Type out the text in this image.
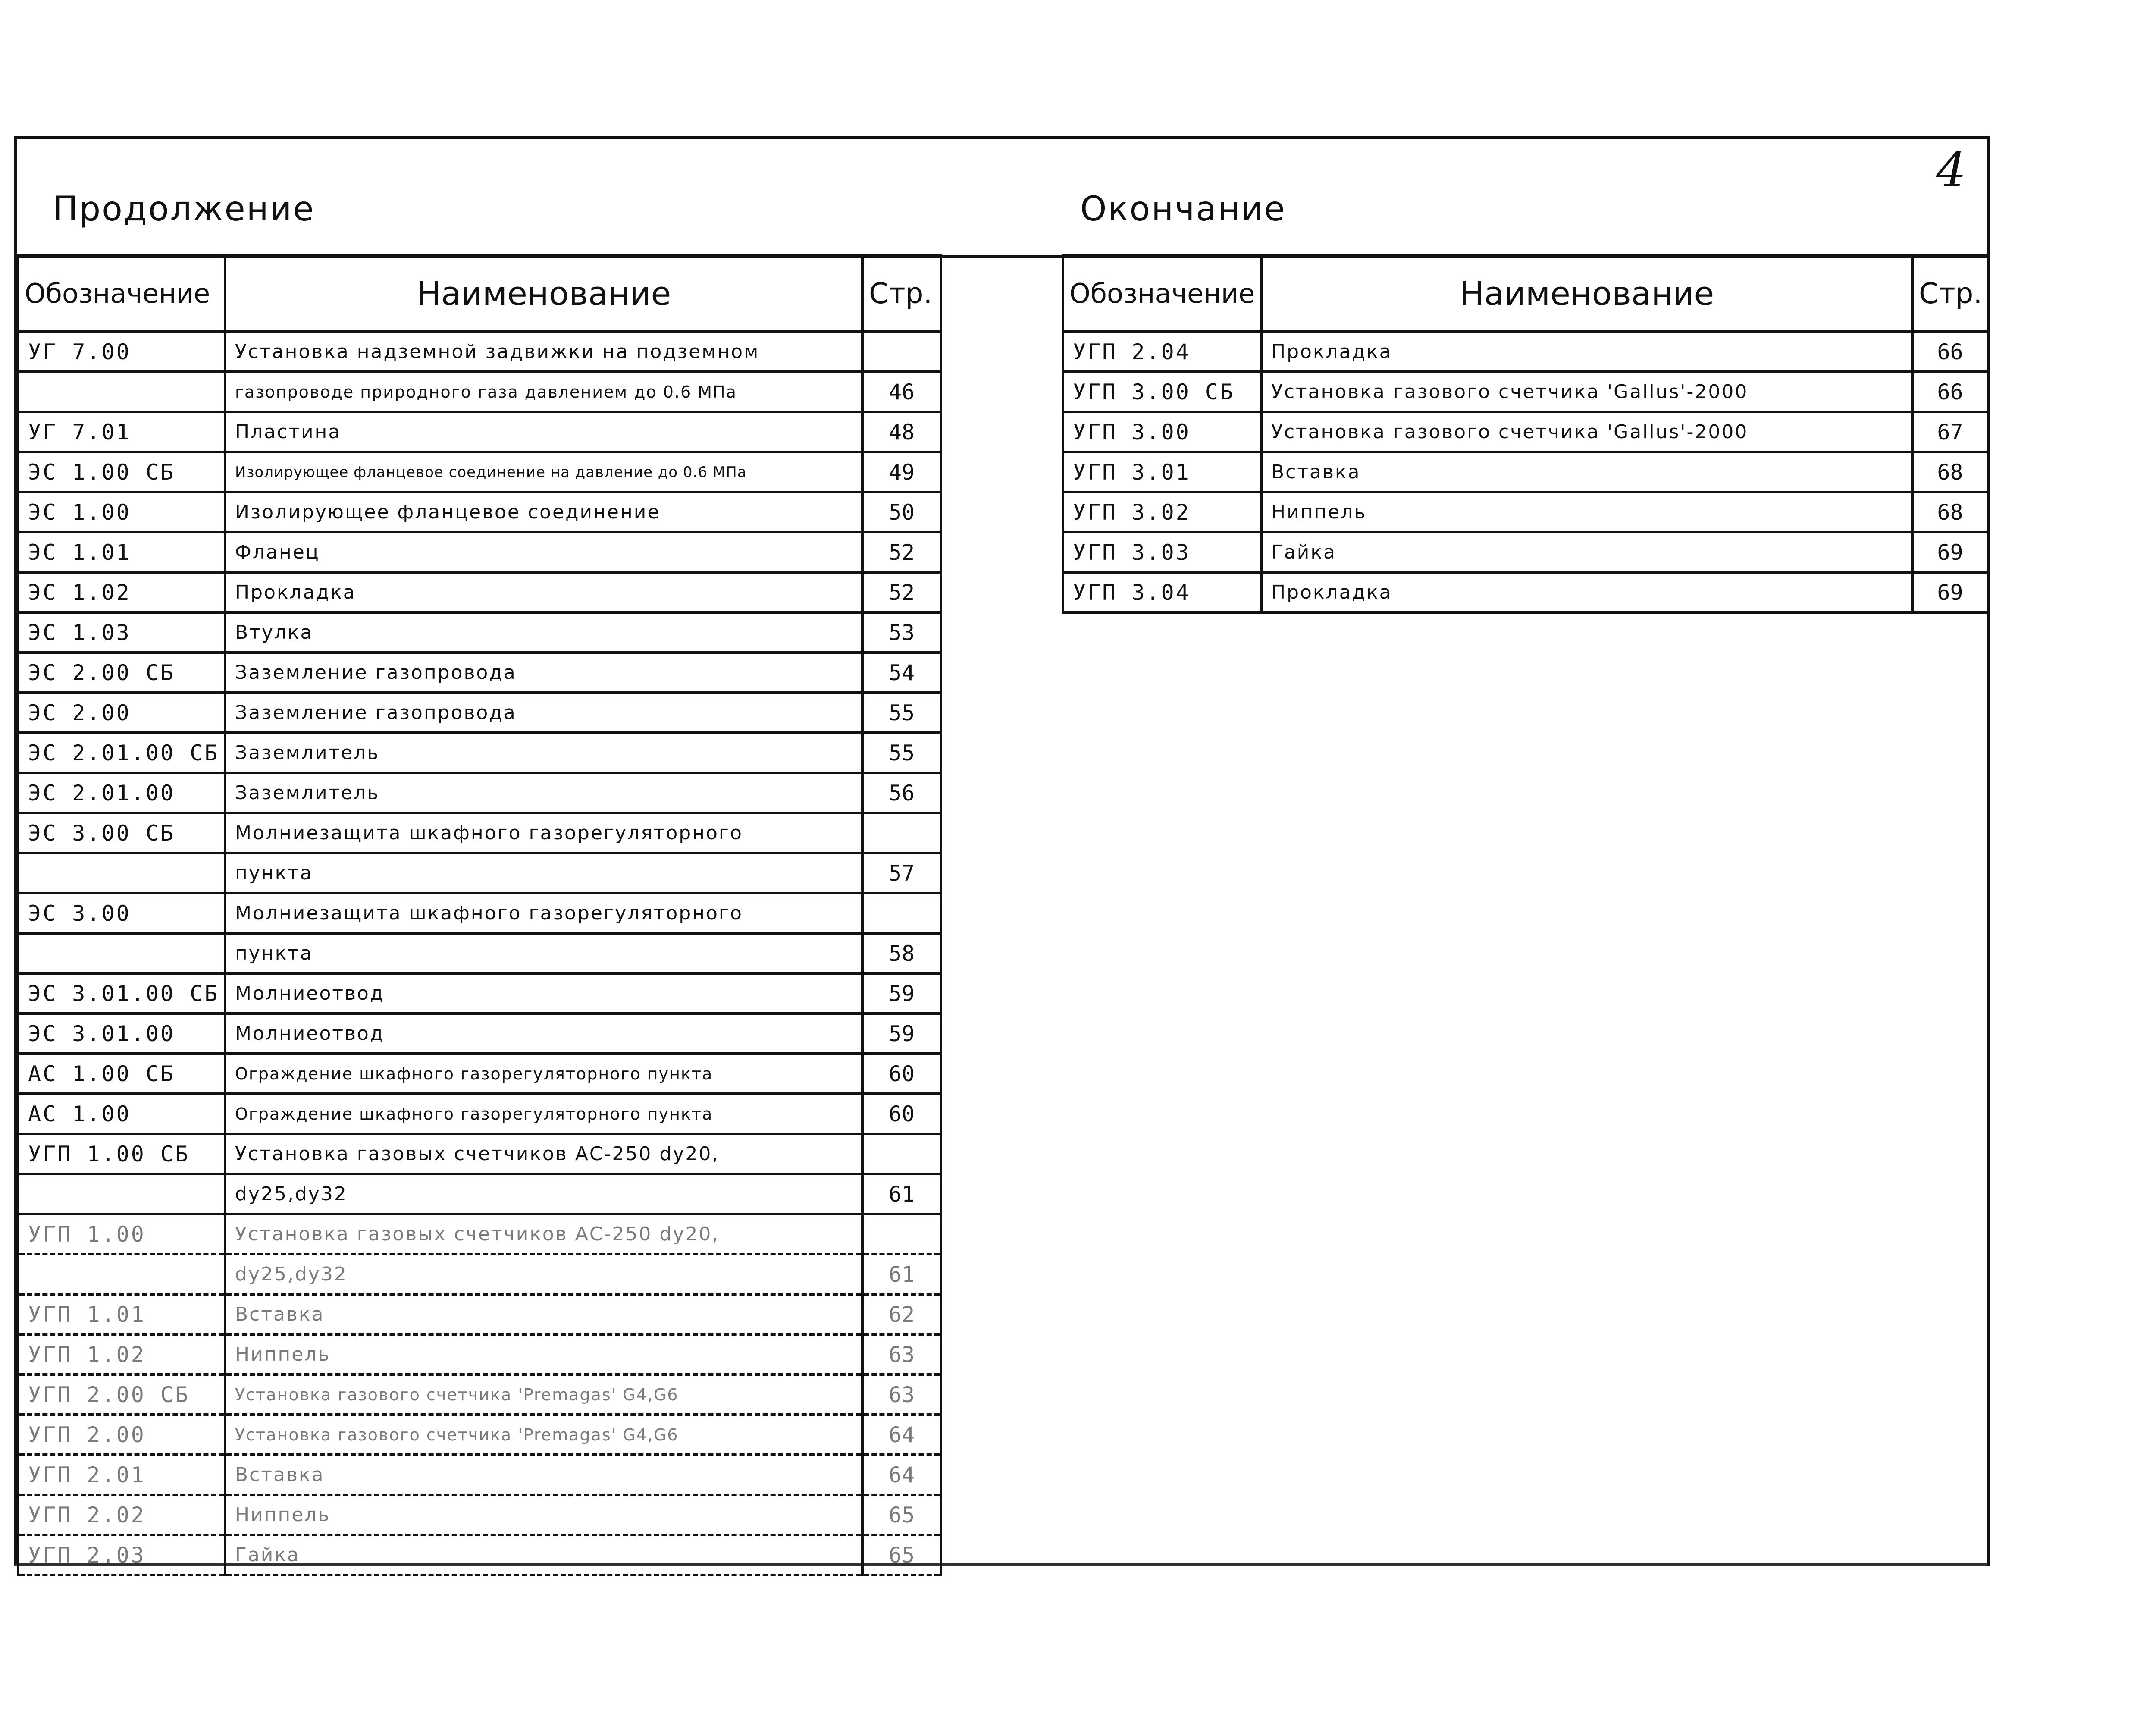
4
Продолжение	Окончание
Обозначение	Наименование	Стр.
УГ 7.00	Установка надземной задвижки на подземном	
	газопроводе природного газа давлением до 0.6 МПа	46
УГ 7.01	Пластина	48
ЭС 1.00 СБ	Изолирующее фланцевое соединение на давление до 0.6 МПа	49
ЭС 1.00	Изолирующее фланцевое соединение	50
ЭС 1.01	Фланец	52
ЭС 1.02	Прокладка	52
ЭС 1.03	Втулка	53
ЭС 2.00 СБ	Заземление газопровода	54
ЭС 2.00	Заземление газопровода	55
ЭС 2.01.00 СБ	Заземлитель	55
ЭС 2.01.00	Заземлитель	56
ЭС 3.00 СБ	Молниезащита шкафного газорегуляторного	
	пункта	57
ЭС 3.00	Молниезащита шкафного газорегуляторного	
	пункта	58
ЭС 3.01.00 СБ	Молниеотвод	59
ЭС 3.01.00	Молниеотвод	59
АС 1.00 СБ	Ограждение шкафного газорегуляторного пункта	60
АС 1.00	Ограждение шкафного газорегуляторного пункта	60
УГП 1.00 СБ	Установка газовых счетчиков АС-250 dу20,	
	dу25,dу32	61
УГП 1.00	Установка газовых счетчиков АС-250 dу20,	
	dу25,dу32	61
УГП 1.01	Вставка	62
УГП 1.02	Ниппель	63
УГП 2.00 СБ	Установка газового счетчика 'Premagas' G4,G6	63
УГП 2.00	Установка газового счетчика 'Premagas' G4,G6	64
УГП 2.01	Вставка	64
УГП 2.02	Ниппель	65
УГП 2.03	Гайка	65
Обозначение	Наименование	Стр.
УГП 2.04	Прокладка	66
УГП 3.00 СБ	Установка газового счетчика 'Gallus'-2000	66
УГП 3.00	Установка газового счетчика 'Gallus'-2000	67
УГП 3.01	Вставка	68
УГП 3.02	Ниппель	68
УГП 3.03	Гайка	69
УГП 3.04	Прокладка	69
